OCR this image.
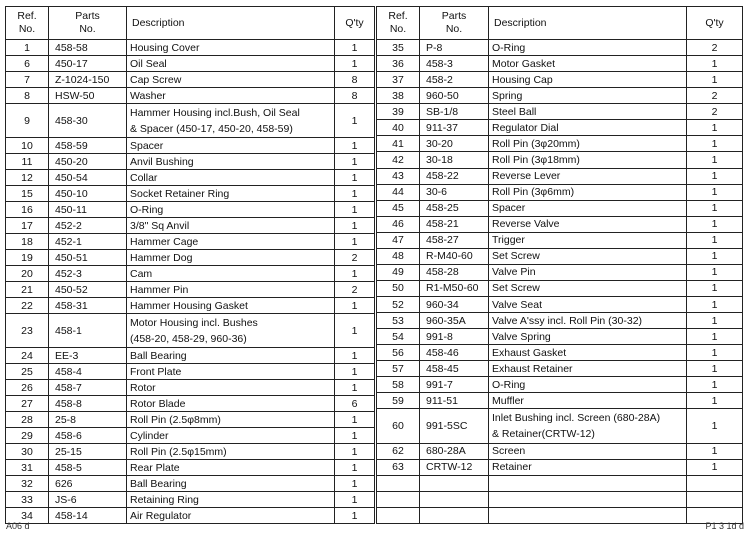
Ref.
No.	Parts
No.	Description	Q'ty
1	458-58	Housing Cover	1
6	450-17	Oil Seal	1
7	Z-1024-150	Cap Screw	8
8	HSW-50	Washer	8
9	458-30	Hammer Housing incl.Bush, Oil Seal
& Spacer (450-17, 450-20, 458-59)	1
10	458-59	Spacer	1
11	450-20	Anvil Bushing	1
12	450-54	Collar	1
15	450-10	Socket Retainer Ring	1
16	450-11	O-Ring	1
17	452-2	3/8" Sq Anvil	1
18	452-1	Hammer Cage	1
19	450-51	Hammer Dog	2
20	452-3	Cam	1
21	450-52	Hammer Pin	2
22	458-31	Hammer Housing Gasket	1
23	458-1	Motor Housing incl. Bushes
(458-20, 458-29, 960-36)	1
24	EE-3	Ball Bearing	1
25	458-4	Front Plate	1
26	458-7	Rotor	1
27	458-8	Rotor Blade	6
28	25-8	Roll Pin (2.5φ8mm)	1
29	458-6	Cylinder	1
30	25-15	Roll Pin (2.5φ15mm)	1
31	458-5	Rear Plate	1
32	626	Ball Bearing	1
33	JS-6	Retaining Ring	1
34	458-14	Air Regulator	1
Ref.
No.	Parts
No.	Description	Q'ty
35	P-8	O-Ring	2
36	458-3	Motor Gasket	1
37	458-2	Housing Cap	1
38	960-50	Spring	2
39	SB-1/8	Steel Ball	2
40	911-37	Regulator Dial	1
41	30-20	Roll Pin (3φ20mm)	1
42	30-18	Roll Pin (3φ18mm)	1
43	458-22	Reverse Lever	1
44	30-6	Roll Pin (3φ6mm)	1
45	458-25	Spacer	1
46	458-21	Reverse Valve	1
47	458-27	Trigger	1
48	R-M40-60	Set Screw	1
49	458-28	Valve Pin	1
50	R1-M50-60	Set Screw	1
52	960-34	Valve Seat	1
53	960-35A	Valve A'ssy incl. Roll Pin (30-32)	1
54	991-8	Valve Spring	1
56	458-46	Exhaust Gasket	1
57	458-45	Exhaust Retainer	1
58	991-7	O-Ring	1
59	911-51	Muffler	1
60	991-5SC	Inlet Bushing incl. Screen (680-28A)
& Retainer(CRTW-12)	1
62	680-28A	Screen	1
63	CRTW-12	Retainer	1

A06 d	P1 3 1d d
